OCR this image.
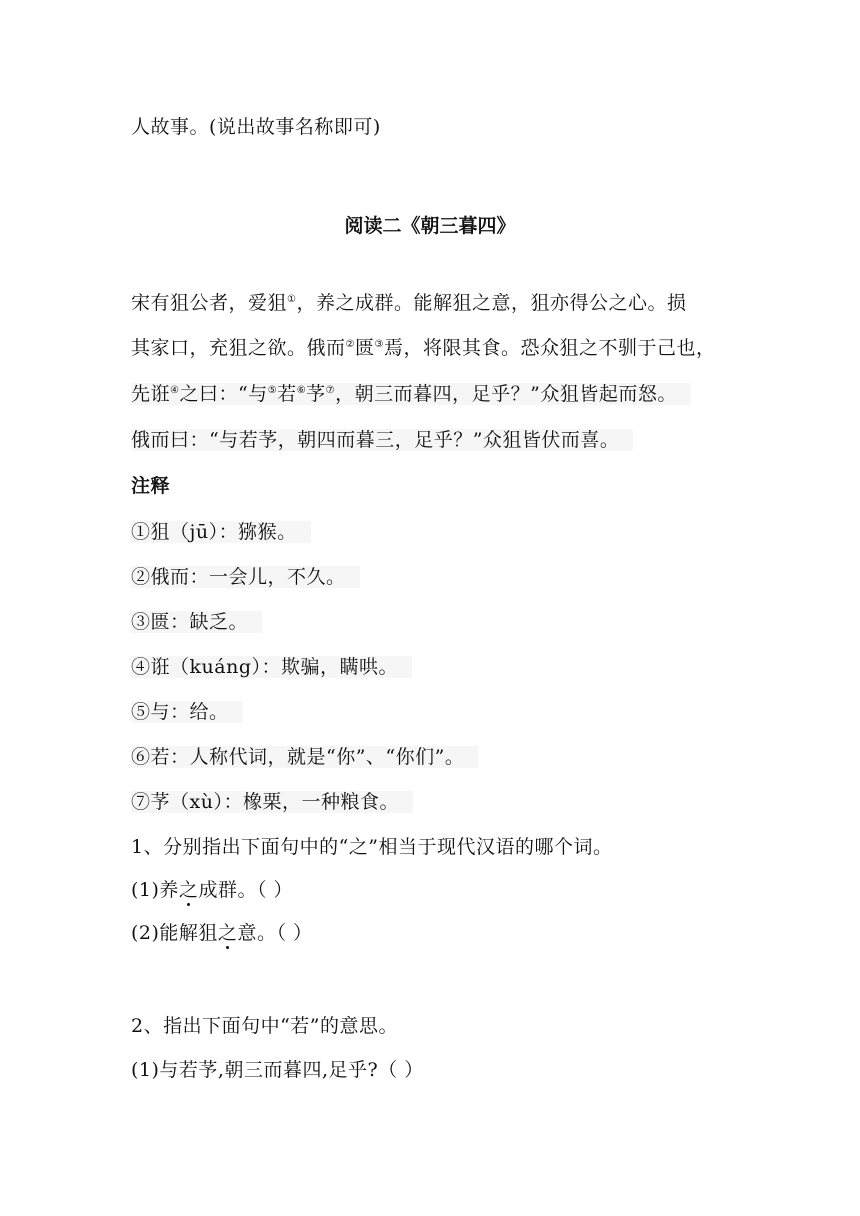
人故事。(说出故事名称即可)
阅读二《朝三暮四》
宋有狙公者，爱狙①，养之成群。能解狙之意，狙亦得公之心。损
其家口，充狙之欲。俄而②匮③焉，将限其食。恐众狙之不驯于己也，
先诳④之曰：“与⑤若⑥芧⑦，朝三而暮四，足乎？”众狙皆起而怒。
俄而曰：“与若芧，朝四而暮三，足乎？”众狙皆伏而喜。
注释
①狙（jū）：猕猴。
②俄而：一会儿，不久。
③匮：缺乏。
④诳（kuáng）：欺骗，瞒哄。
⑤与：给。
⑥若：人称代词，就是“你”、“你们”。
⑦芧（xù）：橡栗，一种粮食。
1、分别指出下面句中的“之”相当于现代汉语的哪个词。
(1)养之成群。（ ）
(2)能解狙之意。（ ）
2、指出下面句中“若”的意思。
(1)与若芧,朝三而暮四,足乎?（ ）
